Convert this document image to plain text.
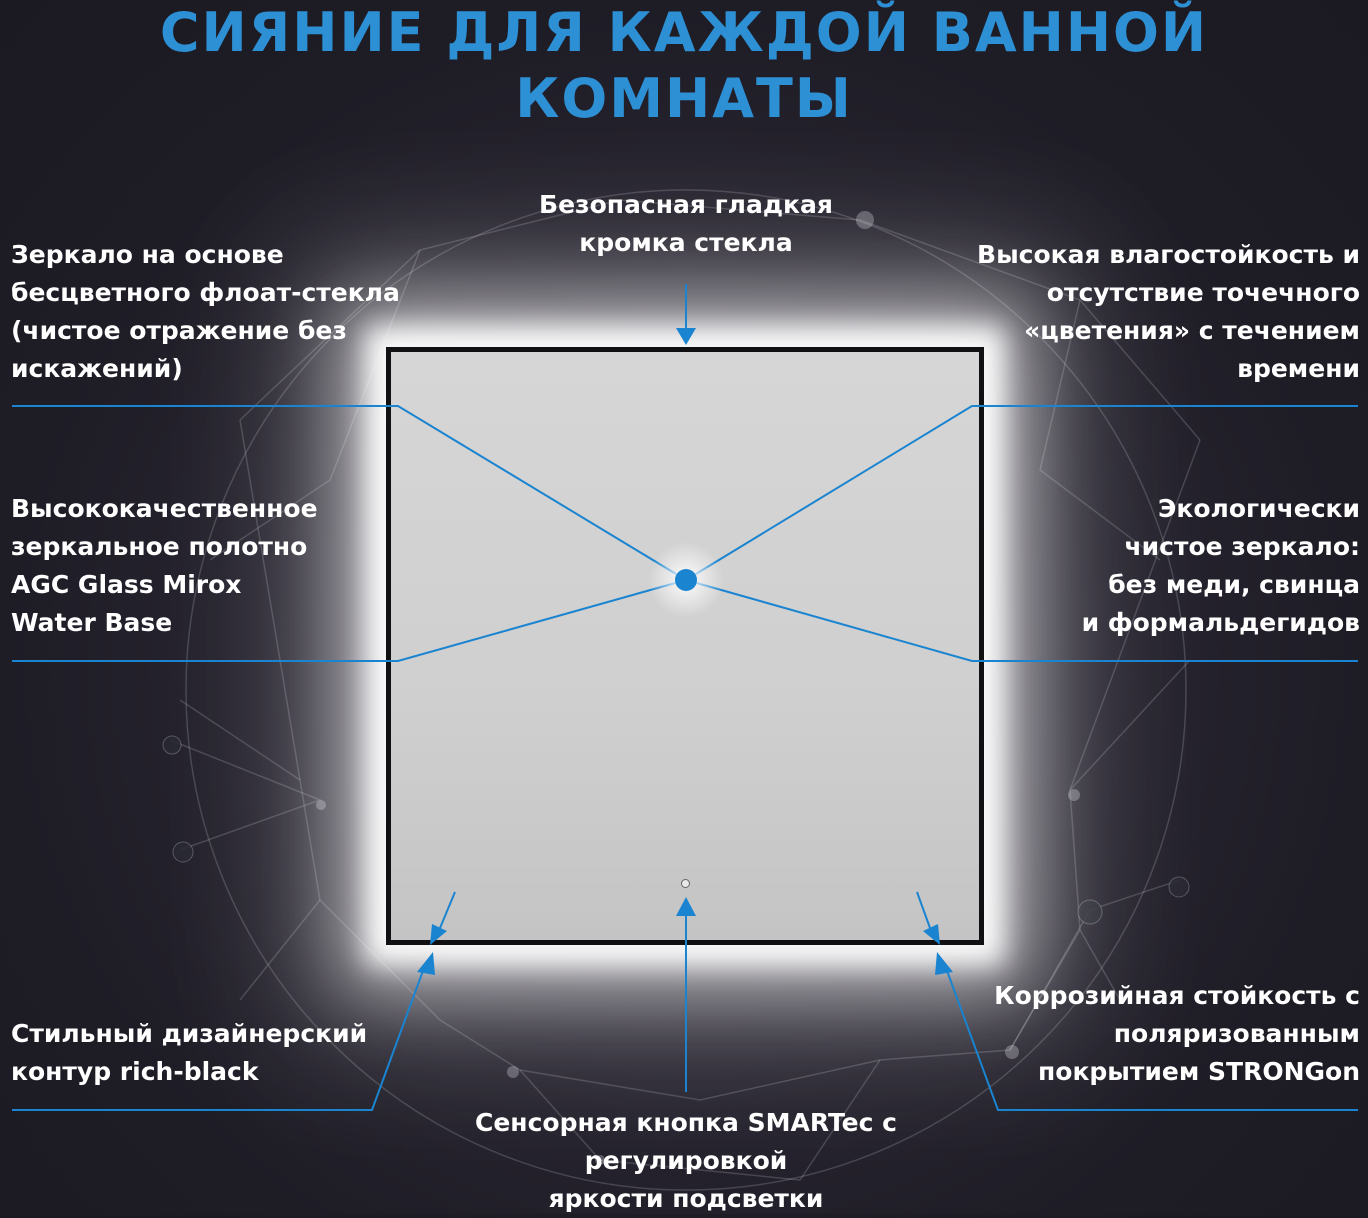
СИЯНИЕ ДЛЯ КАЖДОЙ ВАННОЙ КОМНАТЫ
Безопасная гладкая
кромка стекла
Зеркало на основе
бесцветного флоат-стекла
(чистое отражение без
искажений)
Высокая влагостойкость и
отсутствие точечного
«цветения» с течением
времени
Высококачественное
зеркальное полотно
AGC Glass Mirox
Water Base
Экологически
чистое зеркало:
без меди, свинца
и формальдегидов
Стильный дизайнерский
контур rich-black
Коррозийная стойкость с
поляризованным
покрытием STRONGon
Сенсорная кнопка SMARTec с
регулировкой
яркости подсветки
